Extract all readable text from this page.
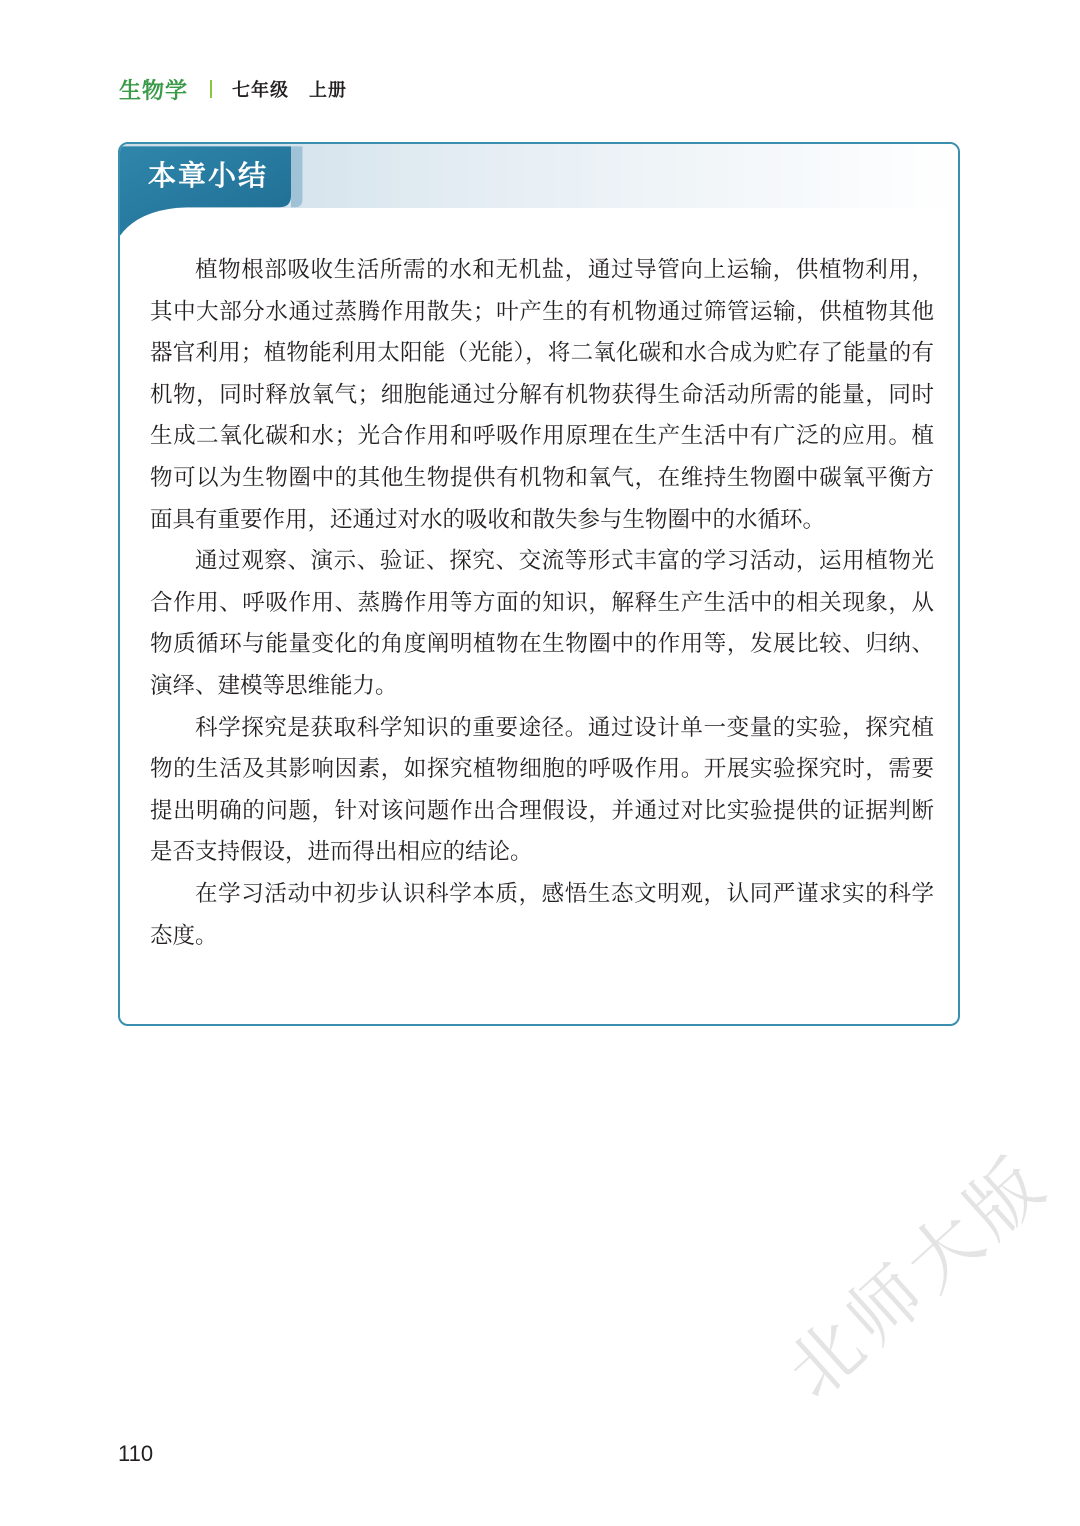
生物学 七年级 上册
本章小结

植物根部吸收生活所需的水和无机盐，通过导管向上运输，供植物利用，其中大部分水通过蒸腾作用散失；叶产生的有机物通过筛管运输，供植物其他器官利用；植物能利用太阳能（光能），将二氧化碳和水合成为贮存了能量的有机物，同时释放氧气；细胞能通过分解有机物获得生命活动所需的能量，同时生成二氧化碳和水；光合作用和呼吸作用原理在生产生活中有广泛的应用。植物可以为生物圈中的其他生物提供有机物和氧气，在维持生物圈中碳氧平衡方面具有重要作用，还通过对水的吸收和散失参与生物圈中的水循环。

通过观察、演示、验证、探究、交流等形式丰富的学习活动，运用植物光合作用、呼吸作用、蒸腾作用等方面的知识，解释生产生活中的相关现象，从物质循环与能量变化的角度阐明植物在生物圈中的作用等，发展比较、归纳、演绎、建模等思维能力。

科学探究是获取科学知识的重要途径。通过设计单一变量的实验，探究植物的生活及其影响因素，如探究植物细胞的呼吸作用。开展实验探究时，需要提出明确的问题，针对该问题作出合理假设，并通过对比实验提供的证据判断是否支持假设，进而得出相应的结论。

在学习活动中初步认识科学本质，感悟生态文明观，认同严谨求实的科学态度。

110
北师大版
